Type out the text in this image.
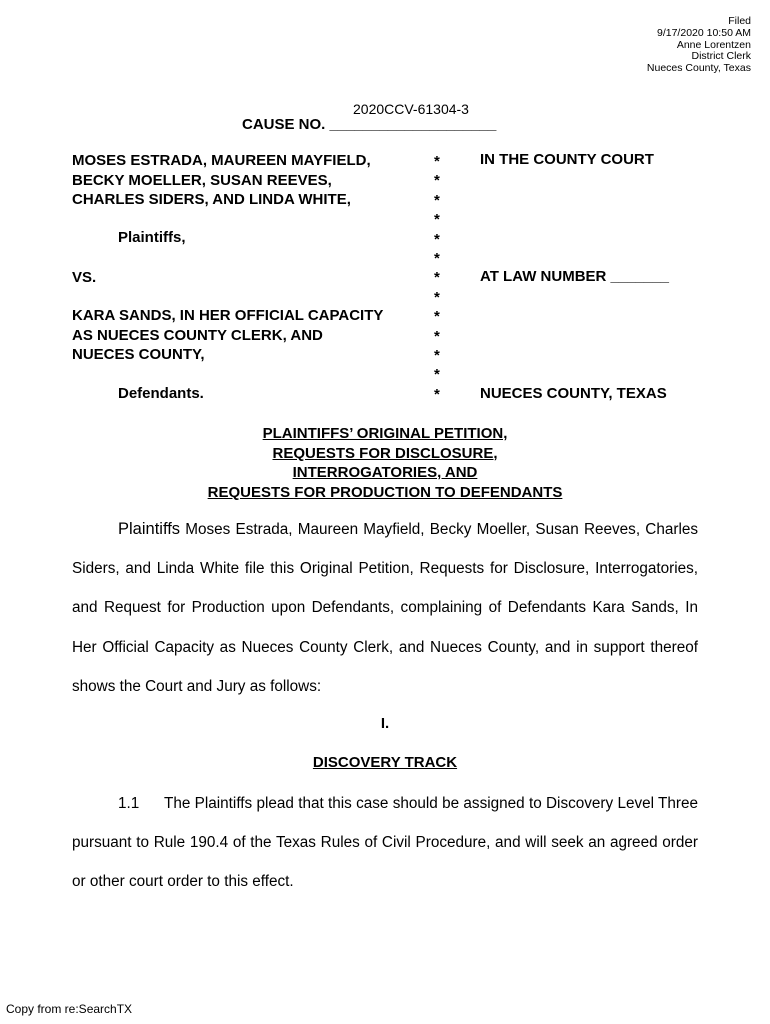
Filed
9/17/2020 10:50 AM
Anne Lorentzen
District Clerk
Nueces County, Texas
2020CCV-61304-3
CAUSE NO. ____________________
MOSES ESTRADA, MAUREEN MAYFIELD,
BECKY MOELLER, SUSAN REEVES,
CHARLES SIDERS, AND LINDA WHITE,
Plaintiffs,
VS.
KARA SANDS, IN HER OFFICIAL CAPACITY
AS NUECES COUNTY CLERK, AND
NUECES COUNTY,
Defendants.
*
*
*
*
*
*
*
*
*
*
*
*
*
IN THE COUNTY COURT
AT LAW NUMBER _______
NUECES COUNTY, TEXAS
PLAINTIFFS’ ORIGINAL PETITION,
REQUESTS FOR DISCLOSURE,
INTERROGATORIES, AND
REQUESTS FOR PRODUCTION TO DEFENDANTS
Plaintiffs Moses Estrada, Maureen Mayfield, Becky Moeller, Susan Reeves, Charles Siders, and Linda White file this Original Petition, Requests for Disclosure, Interrogatories, and Request for Production upon Defendants, complaining of Defendants Kara Sands, In Her Official Capacity as Nueces County Clerk, and Nueces County, and in support thereof shows the Court and Jury as follows:
I.
DISCOVERY TRACK
1.1 The Plaintiffs plead that this case should be assigned to Discovery Level Three pursuant to Rule 190.4 of the Texas Rules of Civil Procedure, and will seek an agreed order or other court order to this effect.
Copy from re:SearchTX
